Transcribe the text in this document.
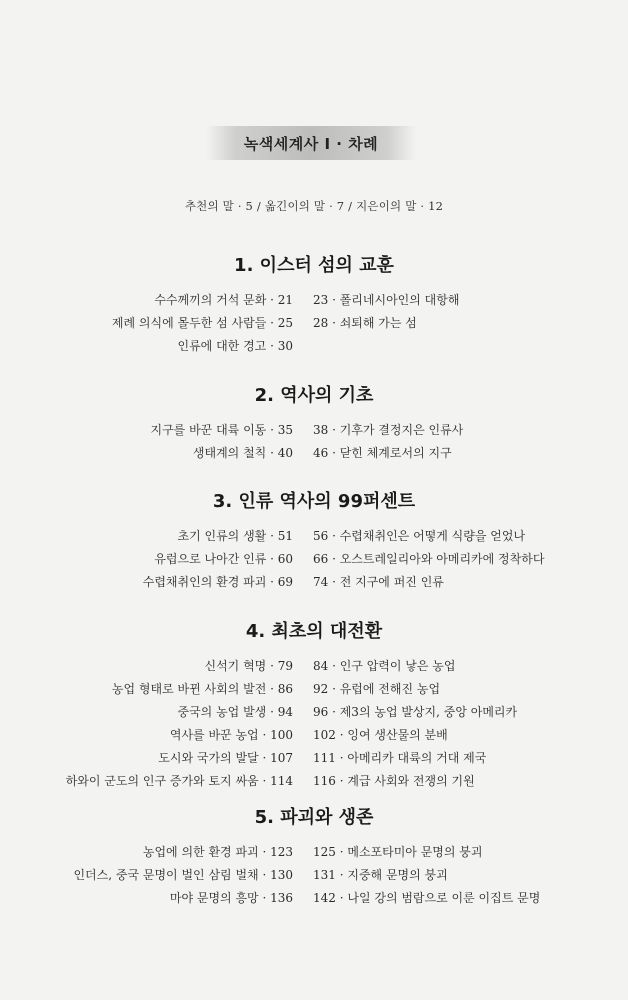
녹색세계사 I · 차례
추천의 말 · 5 / 옮긴이의 말 · 7 / 지은이의 말 · 12
1. 이스터 섬의 교훈
수수께끼의 거석 문화 · 21 23 · 폴리네시아인의 대항해
제례 의식에 몰두한 섬 사람들 · 25 28 · 쇠퇴해 가는 섬
인류에 대한 경고 · 30
2. 역사의 기초
지구를 바꾼 대륙 이동 · 35 38 · 기후가 결정지은 인류사
생태계의 철칙 · 40 46 · 닫힌 체계로서의 지구
3. 인류 역사의 99퍼센트
초기 인류의 생활 · 51 56 · 수렵채취인은 어떻게 식량을 얻었나
유럽으로 나아간 인류 · 60 66 · 오스트레일리아와 아메리카에 정착하다
수렵채취인의 환경 파괴 · 69 74 · 전 지구에 퍼진 인류
4. 최초의 대전환
신석기 혁명 · 79 84 · 인구 압력이 낳은 농업
농업 형태로 바뀐 사회의 발전 · 86 92 · 유럽에 전해진 농업
중국의 농업 발생 · 94 96 · 제3의 농업 발상지, 중앙 아메리카
역사를 바꾼 농업 · 100 102 · 잉여 생산물의 분배
도시와 국가의 발달 · 107 111 · 아메리카 대륙의 거대 제국
하와이 군도의 인구 증가와 토지 싸움 · 114 116 · 계급 사회와 전쟁의 기원
5. 파괴와 생존
농업에 의한 환경 파괴 · 123 125 · 메소포타미아 문명의 붕괴
인더스, 중국 문명이 벌인 삼림 벌채 · 130 131 · 지중해 문명의 붕괴
마야 문명의 흥망 · 136 142 · 나일 강의 범람으로 이룬 이집트 문명
